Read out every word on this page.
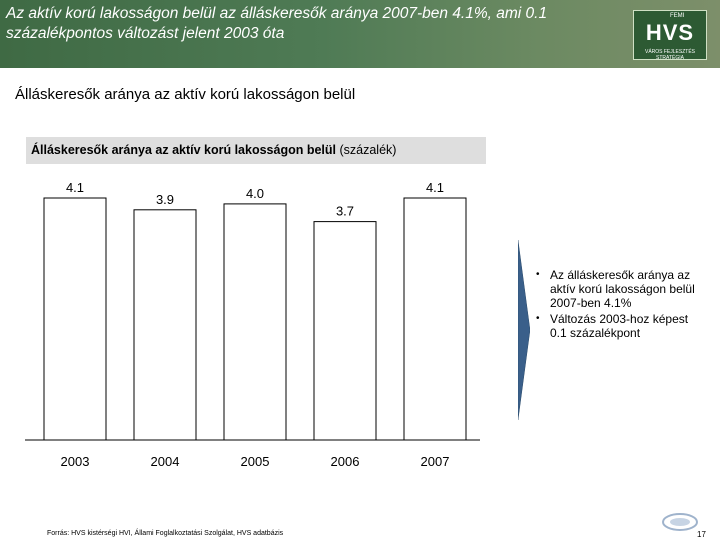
Az aktív korú lakosságon belül az álláskeresők aránya 2007-ben 4.1%, ami 0.1 százalékpontos változást jelent 2003 óta
FEMI
HVS
VÁROS FEJLESZTÉS STRATÉGIA
Álláskeresők aránya az aktív korú lakosságon belül
Álláskeresők aránya az aktív korú lakosságon belül (százalék)
4.1
2003
3.9
2004
4.0
2005
3.7
2006
4.1
2007
• Az álláskeresők aránya az aktív korú lakosságon belül 2007-ben 4.1%
• Változás 2003-hoz képest 0.1 százalékpont
Forrás: HVS kistérségi HVI, Állami Foglalkoztatási Szolgálat, HVS adatbázis	17
